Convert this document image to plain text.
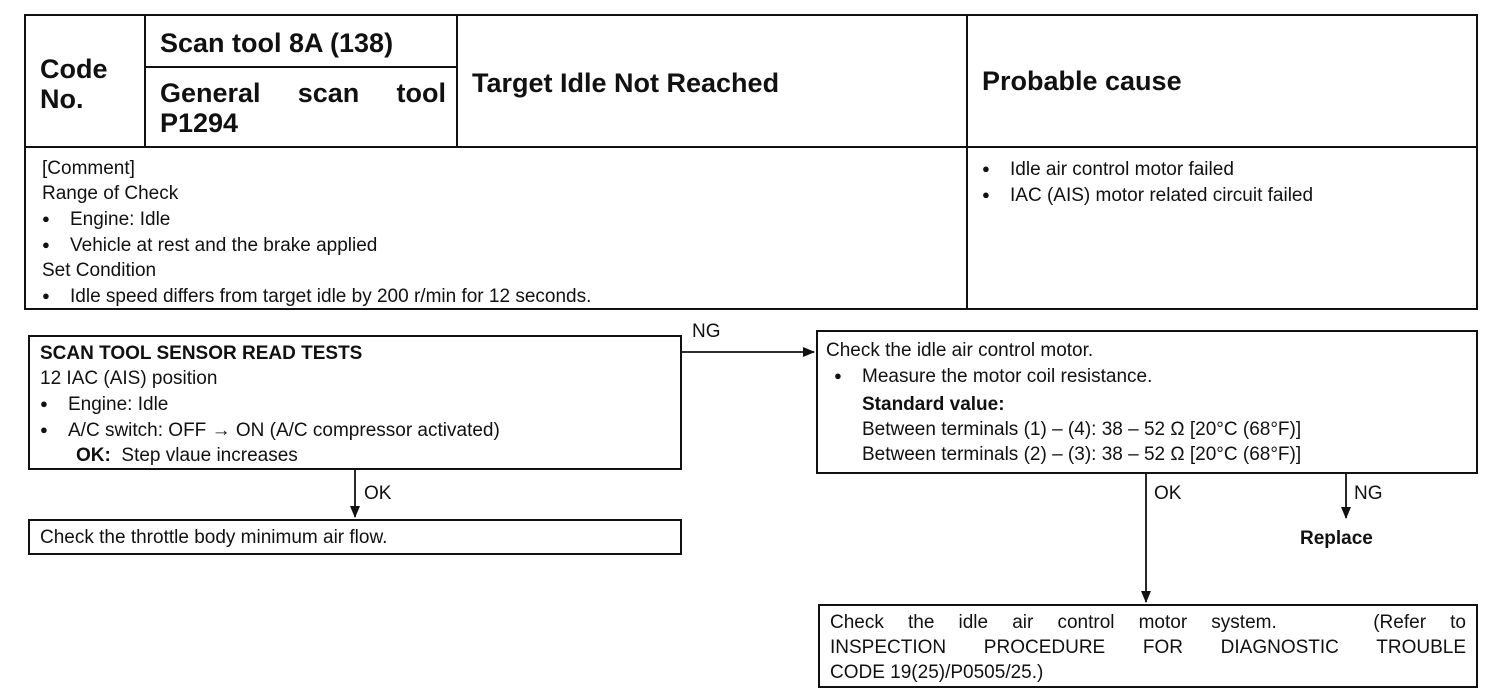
Code No.
Scan tool 8A (138)
General scan tool P1294
Target Idle Not Reached	Probable cause
[Comment]
Range of Check
● Engine: Idle
● Vehicle at rest and the brake applied
Set Condition
● Idle speed differs from target idle by 200 r/min for 12 seconds.
● Idle air control motor failed
● IAC (AIS) motor related circuit failed
NG
SCAN TOOL SENSOR READ TESTS
12 IAC (AIS) position
● Engine: Idle
● A/C switch: OFF → ON (A/C compressor activated)
OK: Step vlaue increases
OK
Check the throttle body minimum air flow.
Check the idle air control motor.
● Measure the motor coil resistance.
Standard value:
Between terminals (1) – (4): 38 – 52 Ω [20°C (68°F)]
Between terminals (2) – (3): 38 – 52 Ω [20°C (68°F)]
OK	NG
Replace
Check the idle air control motor system.    (Refer to
INSPECTION PROCEDURE FOR DIAGNOSTIC TROUBLE
CODE 19(25)/P0505/25.)
